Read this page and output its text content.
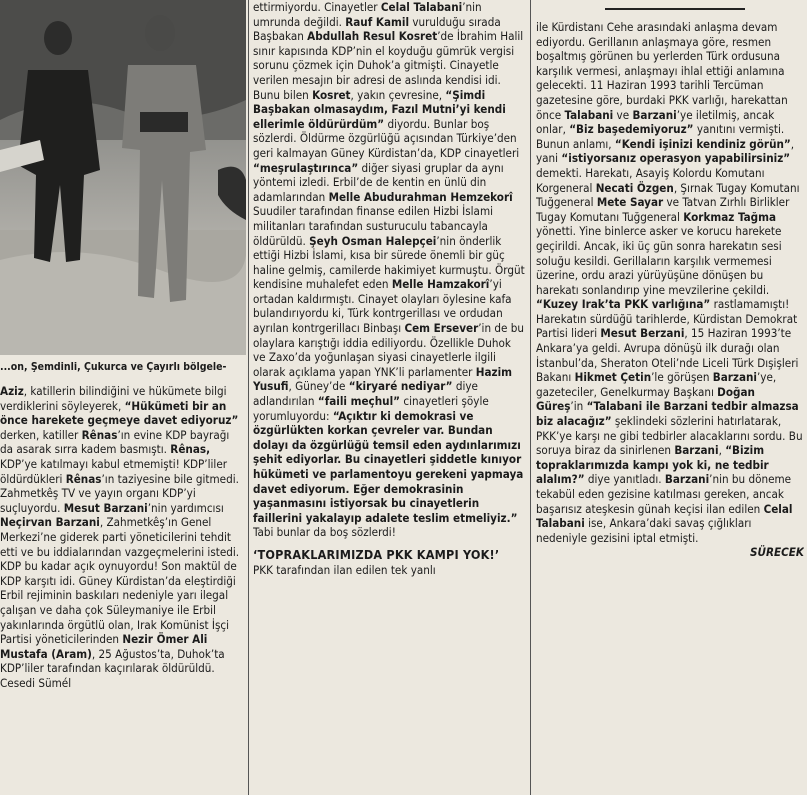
...on, Şemdinli, Çukurca ve Çayırlı bölgele-

Aziz, katillerin bilindiğini ve hükümete bilgi verdiklerini söyleyerek, “Hükümeti bir an önce harekete geçmeye davet ediyoruz” derken, katiller Rênas’ın evine KDP bayrağı da asarak sırra kadem basmıştı. Rênas, KDP’ye katılmayı kabul etmemişti! KDP’liler öldürdükleri Rênas’ın taziyesine bile gitmedi. Zahmetkêş TV ve yayın organı KDP’yi suçluyordu. Mesut Barzani’nin yardımcısı Neçirvan Barzani, Zahmetkêş’ın Genel Merkezi’ne giderek parti yöneticilerini tehdit etti ve bu iddialarından vazgeçmelerini istedi. KDP bu kadar açık oynuyordu! Son maktül de KDP karşıtı idi. Güney Kürdistan’da eleştirdiği Erbil rejiminin baskıları nedeniyle yarı ilegal çalışan ve daha çok Süleymaniye ile Erbil yakınlarında örgütlü olan, Irak Komünist İşçi Partisi yöneticilerinden Nezir Ömer Ali Mustafa (Aram), 25 Ağustos’ta, Duhok’ta KDP’liler tarafından kaçırılarak öldürüldü. Cesedi Sümél

ettirmiyordu. Cinayetler Celal Talabani’nin umrunda değildi. Rauf Kamil vurulduğu sırada Başbakan Abdullah Resul Kosret’de İbrahim Halil sınır kapısında KDP’nin el koyduğu gümrük vergisi sorunu çözmek için Duhok’a gitmişti. Cinayetle verilen mesajın bir adresi de aslında kendisi idi. Bunu bilen Kosret, yakın çevresine, “Şimdi Başbakan olmasaydım, Fazıl Mutni’yi kendi ellerimle öldürürdüm” diyordu. Bunlar boş sözlerdi. Öldürme özgürlüğü açısından Türkiye’den geri kalmayan Güney Kürdistan’da, KDP cinayetleri “meşrulaştırınca” diğer siyasi gruplar da aynı yöntemi izledi. Erbil’de de kentin en ünlü din adamlarından Melle Abudurahman Hemzekorî Suudiler tarafından finanse edilen Hizbi İslami militanları tarafından susturuculu tabancayla öldürüldü. Şeyh Osman Halepçei’nin önderlik ettiği Hizbi İslami, kısa bir sürede önemli bir güç haline gelmiş, camilerde hakimiyet kurmuştu. Örgüt kendisine muhalefet eden Melle Hamzakorî’yi ortadan kaldırmıştı. Cinayet olayları öylesine kafa bulandırıyordu ki, Türk kontrgerillası ve ordudan ayrılan kontrgerillacı Binbaşı Cem Ersever’in de bu olaylara karıştığı iddia ediliyordu. Özellikle Duhok ve Zaxo’da yoğunlaşan siyasi cinayetlerle ilgili olarak açıklama yapan YNK’li parlamenter Hazim Yusufi, Güney’de “kiryaré nediyar” diye adlandırılan “faili meçhul” cinayetleri şöyle yorumluyordu: “Açıktır ki demokrasi ve özgürlükten korkan çevreler var. Bundan dolayı da özgürlüğü temsil eden aydınlarımızı şehit ediyorlar. Bu cinayetleri şiddetle kınıyor hükümeti ve parlamentoyu gerekeni yapmaya davet ediyorum. Eğer demokrasinin yaşanmasını istiyorsak bu cinayetlerin faillerini yakalayıp adalete teslim etmeliyiz.” Tabi bunlar da boş sözlerdi!

‘TOPRAKLARIMIZDA PKK KAMPI YOK!’

PKK tarafından ilan edilen tek yanlı

ile Kürdistanı Cehe arasındaki anlaşma devam ediyordu. Gerillanın anlaşmaya göre, resmen boşaltmış görünen bu yerlerden Türk ordusuna karşılık vermesi, anlaşmayı ihlal ettiği anlamına gelecekti. 11 Haziran 1993 tarihli Tercüman gazetesine göre, burdaki PKK varlığı, harekattan önce Talabani ve Barzani’ye iletilmiş, ancak onlar, “Biz başedemiyoruz” yanıtını vermişti. Bunun anlamı, “Kendi işinizi kendiniz görün”, yani “istiyorsanız operasyon yapabilirsiniz” demekti. Harekatı, Asayiş Kolordu Komutanı Korgeneral Necati Özgen, Şırnak Tugay Komutanı Tuğgeneral Mete Sayar ve Tatvan Zırhlı Birlikler Tugay Komutanı Tuğgeneral Korkmaz Tağma yönetti. Yine binlerce asker ve korucu harekete geçirildi. Ancak, iki üç gün sonra harekatın sesi soluğu kesildi. Gerillaların karşılık vermemesi üzerine, ordu arazi yürüyüşüne dönüşen bu harekatı sonlandırıp yine mevzilerine çekildi. “Kuzey Irak’ta PKK varlığına” rastlamamıştı! Harekatın sürdüğü tarihlerde, Kürdistan Demokrat Partisi lideri Mesut Berzani, 15 Haziran 1993’te Ankara’ya geldi. Avrupa dönüşü ilk durağı olan İstanbul’da, Sheraton Oteli’nde Liceli Türk Dışişleri Bakanı Hikmet Çetin’le görüşen Barzani’ye, gazeteciler, Genelkurmay Başkanı Doğan Güreş’in “Talabani ile Barzani tedbir almazsa biz alacağız” şeklindeki sözlerini hatırlatarak, PKK’ye karşı ne gibi tedbirler alacaklarını sordu. Bu soruya biraz da sinirlenen Barzani, “Bizim topraklarımızda kampı yok ki, ne tedbir alalım?” diye yanıtladı. Barzani’nin bu döneme tekabül eden gezisine katılması gereken, ancak başarısız ateşkesin günah keçisi ilan edilen Celal Talabani ise, Ankara’daki savaş çığlıkları nedeniyle gezisini iptal etmişti.

SÜRECEK
